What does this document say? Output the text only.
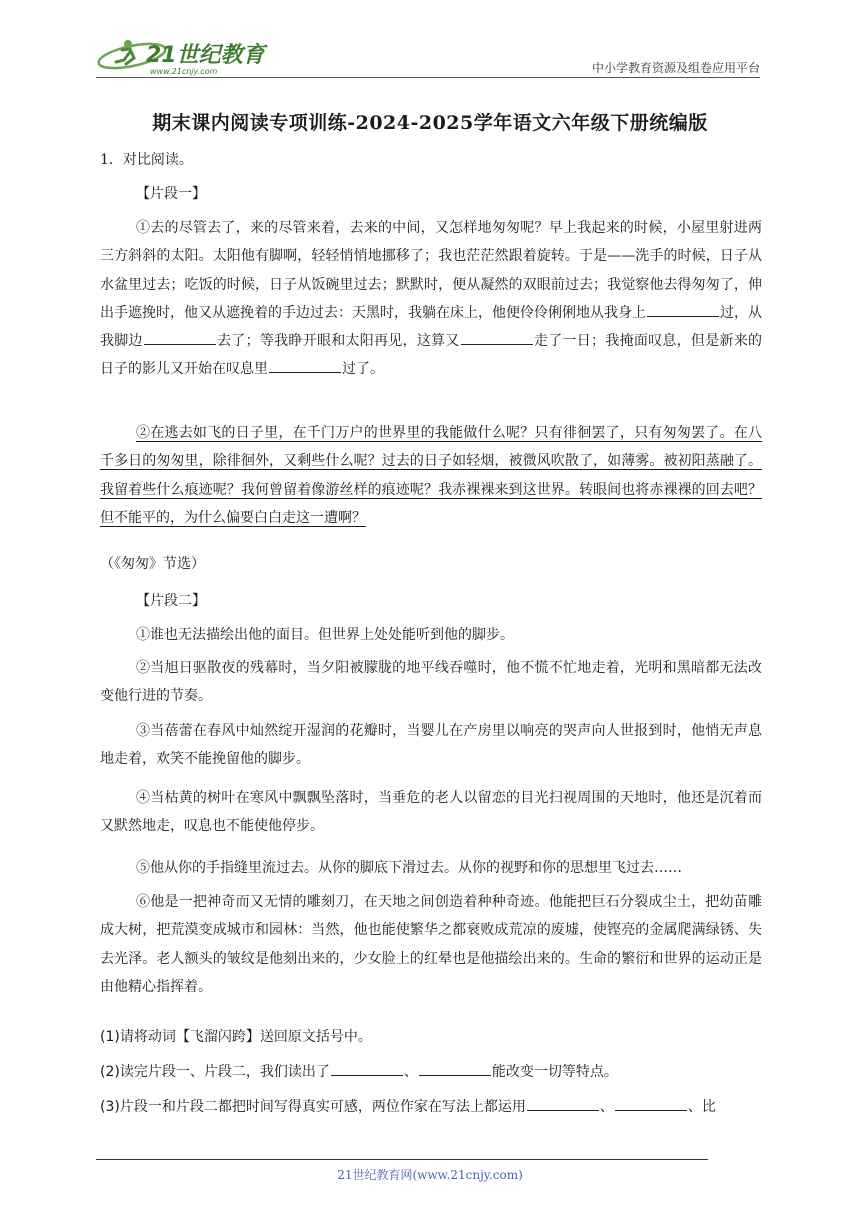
21世纪教育
www.21cnjy.com	中小学教育资源及组卷应用平台
期末课内阅读专项训练-2024-2025学年语文六年级下册统编版
1．对比阅读。
【片段一】
①去的尽管去了，来的尽管来着，去来的中间，又怎样地匆匆呢？早上我起来的时候，小屋里射进两三方斜斜的太阳。太阳他有脚啊，轻轻悄悄地挪移了；我也茫茫然跟着旋转。于是——洗手的时候，日子从水盆里过去；吃饭的时候，日子从饭碗里过去；默默时，便从凝然的双眼前过去；我觉察他去得匆匆了，伸出手遮挽时，他又从遮挽着的手边过去：天黑时，我躺在床上，他便伶伶俐俐地从我身上	过，从我脚边	去了；等我睁开眼和太阳再见，这算又	走了一日；我掩面叹息，但是新来的日子的影儿又开始在叹息里	过了。
②在逃去如飞的日子里，在千门万户的世界里的我能做什么呢？只有徘徊罢了，只有匆匆罢了。在八千多日的匆匆里，除徘徊外，又剩些什么呢？过去的日子如轻烟，被微风吹散了，如薄雾。被初阳蒸融了。我留着些什么痕迹呢？我何曾留着像游丝样的痕迹呢？我赤裸裸来到这世界。转眼间也将赤裸裸的回去吧？但不能平的，为什么偏要白白走这一遭啊？
（《匆匆》节选）
【片段二】
①谁也无法描绘出他的面目。但世界上处处能听到他的脚步。
②当旭日驱散夜的残幕时，当夕阳被朦胧的地平线吞噬时，他不慌不忙地走着，光明和黑暗都无法改变他行进的节奏。
③当蓓蕾在春风中灿然绽开湿润的花瓣时，当婴儿在产房里以响亮的哭声向人世报到时，他悄无声息地走着，欢笑不能挽留他的脚步。
④当枯黄的树叶在寒风中飘飘坠落时，当垂危的老人以留恋的目光扫视周围的天地时，他还是沉着而又默然地走，叹息也不能使他停步。
⑤他从你的手指缝里流过去。从你的脚底下滑过去。从你的视野和你的思想里飞过去……
⑥他是一把神奇而又无情的雕刻刀，在天地之间创造着种种奇迹。他能把巨石分裂成尘土，把幼苗雕成大树，把荒漠变成城市和园林：当然，他也能使繁华之都衰败成荒凉的废墟，使铿亮的金属爬满绿锈、失去光泽。老人额头的皱纹是他刻出来的，少女脸上的红晕也是他描绘出来的。生命的繁衍和世界的运动正是由他精心指挥着。
(1)请将动词【飞溜闪跨】送回原文括号中。
(2)读完片段一、片段二，我们读出了	、	能改变一切等特点。
(3)片段一和片段二都把时间写得真实可感，两位作家在写法上都运用	、	、比
21世纪教育网(www.21cnjy.com)
